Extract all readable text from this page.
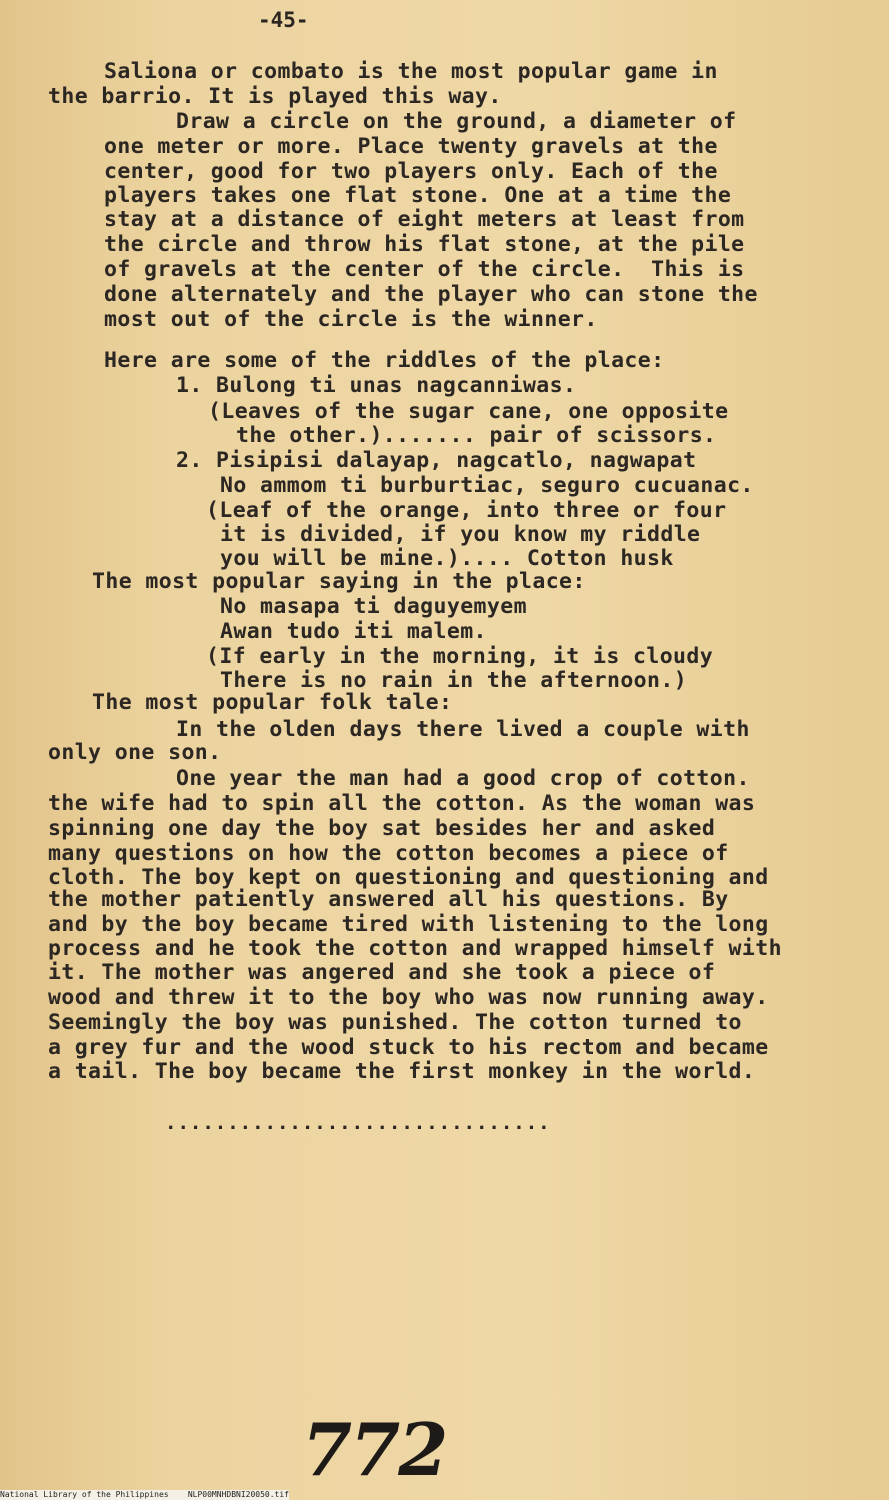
-45-
Saliona or combato is the most popular game in
the barrio. It is played this way.
Draw a circle on the ground, a diameter of
one meter or more. Place twenty gravels at the
center, good for two players only. Each of the
players takes one flat stone. One at a time the
stay at a distance of eight meters at least from
the circle and throw his flat stone, at the pile
of gravels at the center of the circle.  This is
done alternately and the player who can stone the
most out of the circle is the winner.
Here are some of the riddles of the place:
1. Bulong ti unas nagcanniwas.
(Leaves of the sugar cane, one opposite
the other.)....... pair of scissors.
2. Pisipisi dalayap, nagcatlo, nagwapat
No ammom ti burburtiac, seguro cucuanac.
(Leaf of the orange, into three or four
it is divided, if you know my riddle
you will be mine.).... Cotton husk
The most popular saying in the place:
No masapa ti daguyemyem
Awan tudo iti malem.
(If early in the morning, it is cloudy
There is no rain in the afternoon.)
The most popular folk tale:
In the olden days there lived a couple with
only one son.
One year the man had a good crop of cotton.
the wife had to spin all the cotton. As the woman was
spinning one day the boy sat besides her and asked
many questions on how the cotton becomes a piece of
cloth. The boy kept on questioning and questioning and
the mother patiently answered all his questions. By
and by the boy became tired with listening to the long
process and he took the cotton and wrapped himself with
it. The mother was angered and she took a piece of
wood and threw it to the boy who was now running away.
Seemingly the boy was punished. The cotton turned to
a grey fur and the wood stuck to his rectom and became
a tail. The boy became the first monkey in the world.
...............................
772
National Library of the Philippines    NLP00MNHDBNI20050.tif
